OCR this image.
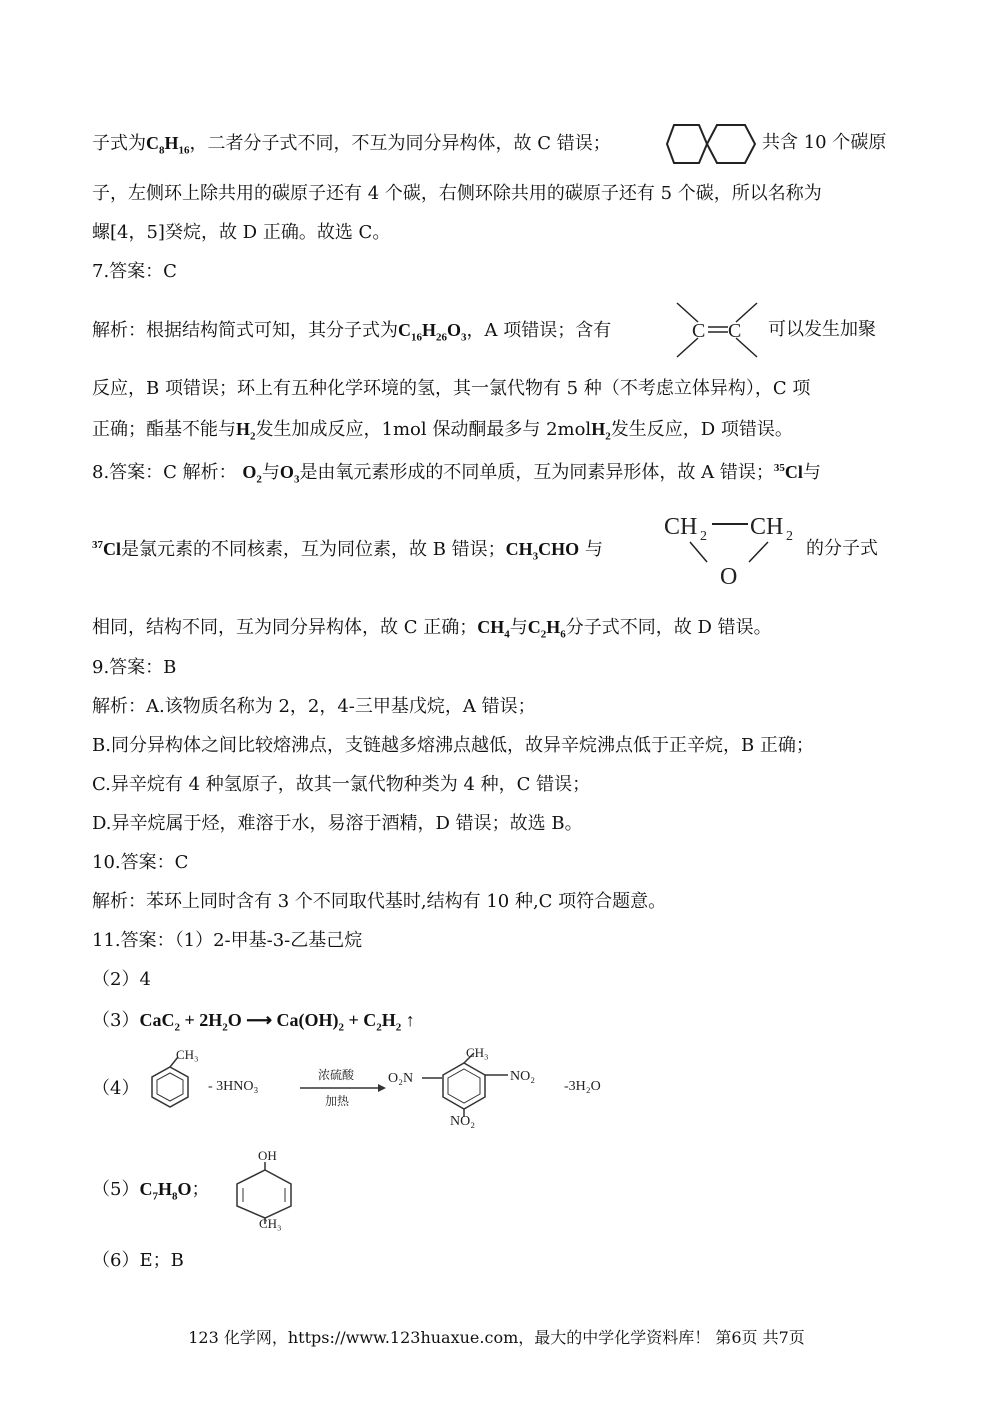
子式为$C_8H_{16}$，二者分子式不同，不互为同分异构体，故 C 错误；	共含 10 个碳原
子，左侧环上除共用的碳原子还有 4 个碳，右侧环除共用的碳原子还有 5 个碳，所以名称为
螺[4，5]癸烷，故 D 正确。故选 C。
7.答案：C
解析：根据结构简式可知，其分子式为$C_{16}H_{26}O_3$，A 项错误；含有	C C 可以发生加聚
反应，B 项错误；环上有五种化学环境的氢，其一氯代物有 5 种（不考虑立体异构），C 项
正确；酯基不能与$H_2$发生加成反应，1mol 保动酮最多与 2molH$_2$发生反应，D 项错误。
8.答案：C 解析： $O_2$与$O_3$是由氧元素形成的不同单质，互为同素异形体，故 A 错误；$^{35}$Cl与
$^{37}$Cl是氯元素的不同核素，互为同位素，故 B 错误；$CH_3CHO$ 与
CH 2 CH 2
O
的分子式
相同，结构不同，互为同分异构体，故 C 正确；$CH_4$与$C_2H_6$分子式不同，故 D 错误。
9.答案：B
解析：A.该物质名称为 2，2，4-三甲基戊烷，A 错误；
B.同分异构体之间比较熔沸点，支链越多熔沸点越低，故异辛烷沸点低于正辛烷，B 正确；
C.异辛烷有 4 种氢原子，故其一氯代物种类为 4 种，C 错误；
D.异辛烷属于烃，难溶于水，易溶于酒精，D 错误；故选 B。
10.答案：C
解析：苯环上同时含有 3 个不同取代基时,结构有 10 种,C 项符合题意。
11.答案：（1）2-甲基-3-乙基己烷
（2）4
$(3)CaC_2 + 2H_2O$ ⟶ $Ca(OH)_2 + C_2H_2$ ↑
（4）
CH₃
- 3HNO₃
浓硫酸
加热
O₂N
CH₃
NO₂
NO₂
-3H₂O
$(5)C_7H_8O$；
OH
CH₃
（6）E；B
123 化学网，https://www.123huaxue.com，最大的中学化学资料库！ 第6页 共7页
